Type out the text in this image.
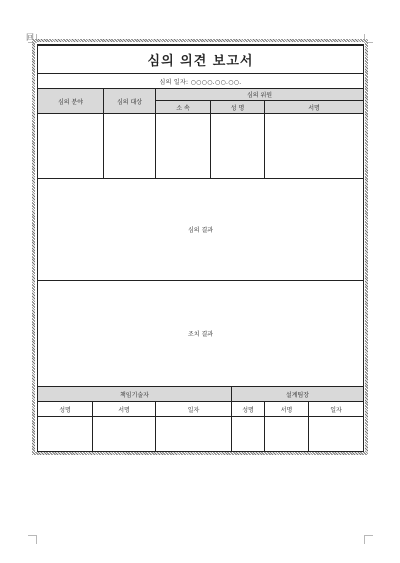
回

심의 의견 보고서										
심의 일자: ○○○○.○○.○○.										
심의 분야			심의 대상	심의 위원						
				소 속	성 명			서명		

심의 결과										
조치 결과										
책임기술자						설계팀장				
성명		서명		일자		성명		서명		일자
